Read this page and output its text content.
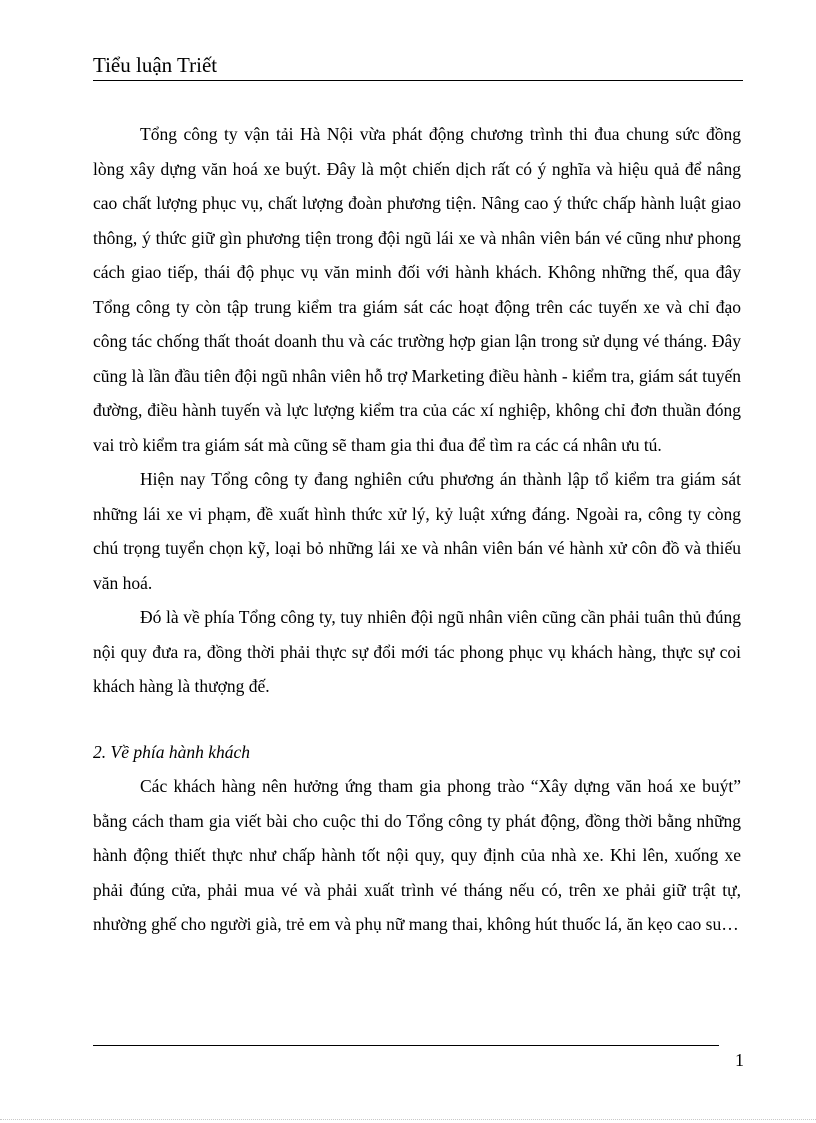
Tiểu luận Triết

Tổng công ty vận tải Hà Nội vừa phát động chương trình thi đua chung sức đồng lòng xây dựng văn hoá xe buýt. Đây là một chiến dịch rất có ý nghĩa và hiệu quả để nâng cao chất lượng phục vụ, chất lượng đoàn phương tiện. Nâng cao ý thức chấp hành luật giao thông, ý thức giữ gìn phương tiện trong đội ngũ lái xe và nhân viên bán vé cũng như phong cách giao tiếp, thái độ phục vụ văn minh đối với hành khách. Không những thế, qua đây Tổng công ty còn tập trung kiểm tra giám sát các hoạt động trên các tuyến xe và chỉ đạo công tác chống thất thoát doanh thu và các trường hợp gian lận trong sử dụng vé tháng. Đây cũng là lần đầu tiên đội ngũ nhân viên hỗ trợ Marketing điều hành - kiểm tra, giám sát tuyến đường, điều hành tuyến và lực lượng kiểm tra của các xí nghiệp, không chỉ đơn thuần đóng vai trò kiểm tra giám sát mà cũng sẽ tham gia thi đua để tìm ra các cá nhân ưu tú.

Hiện nay Tổng công ty đang nghiên cứu phương án thành lập tổ kiểm tra giám sát những lái xe vi phạm, đề xuất hình thức xử lý, kỷ luật xứng đáng. Ngoài ra, công ty còng chú trọng tuyển chọn kỹ, loại bỏ những lái xe và nhân viên bán vé hành xử côn đồ và thiếu văn hoá.

Đó là về phía Tổng công ty, tuy nhiên đội ngũ nhân viên cũng cần phải tuân thủ đúng nội quy đưa ra, đồng thời phải thực sự đổi mới tác phong phục vụ khách hàng, thực sự coi khách hàng là thượng đế.

2. Về phía hành khách

Các khách hàng nên hưởng ứng tham gia phong trào “Xây dựng văn hoá xe buýt” bằng cách tham gia viết bài cho cuộc thi do Tổng công ty phát động, đồng thời bằng những hành động thiết thực như chấp hành tốt nội quy, quy định của nhà xe. Khi lên, xuống xe phải đúng cửa, phải mua vé và phải xuất trình vé tháng nếu có, trên xe phải giữ trật tự, nhường ghế cho người già, trẻ em và phụ nữ mang thai, không hút thuốc lá, ăn kẹo cao su…

1
